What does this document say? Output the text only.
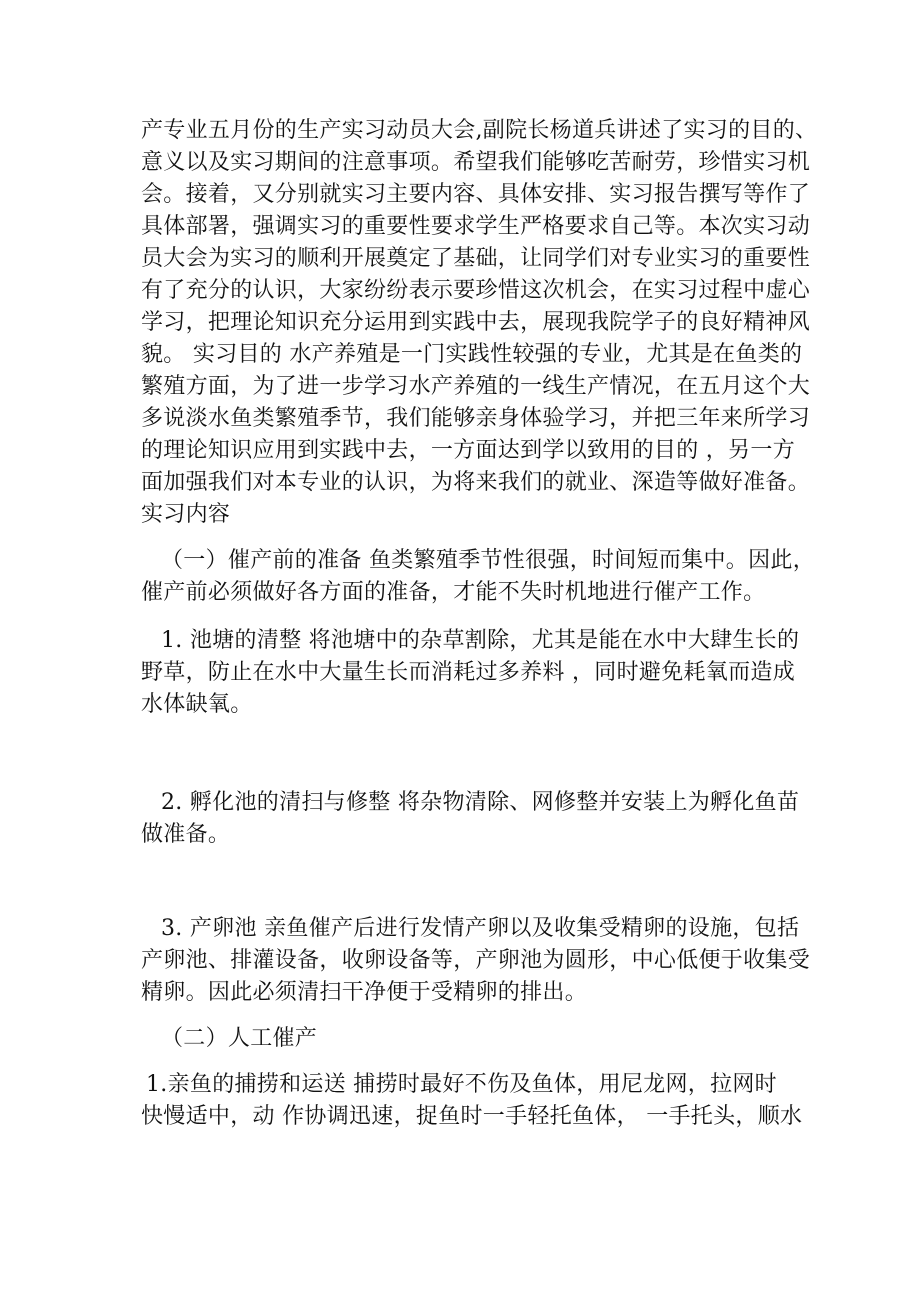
产专业五月份的生产实习动员大会,副院长杨道兵讲述了实习的目的、
意义以及实习期间的注意事项。希望我们能够吃苦耐劳，珍惜实习机
会。接着，又分别就实习主要内容、具体安排、实习报告撰写等作了
具体部署，强调实习的重要性要求学生严格要求自己等。本次实习动
员大会为实习的顺利开展奠定了基础，让同学们对专业实习的重要性
有了充分的认识，大家纷纷表示要珍惜这次机会，在实习过程中虚心
学习，把理论知识充分运用到实践中去，展现我院学子的良好精神风
貌。 实习目的 水产养殖是一门实践性较强的专业，尤其是在鱼类的
繁殖方面，为了进一步学习水产养殖的一线生产情况，在五月这个大
多说淡水鱼类繁殖季节，我们能够亲身体验学习，并把三年来所学习
的理论知识应用到实践中去，一方面达到学以致用的目的 ，另一方
面加强我们对本专业的认识，为将来我们的就业、深造等做好准备。
实习内容
（一）催产前的准备 鱼类繁殖季节性很强，时间短而集中。因此，
催产前必须做好各方面的准备，才能不失时机地进行催产工作。
1. 池塘的清整 将池塘中的杂草割除，尤其是能在水中大肆生长的
野草，防止在水中大量生长而消耗过多养料 ，同时避免耗氧而造成
水体缺氧。
2. 孵化池的清扫与修整 将杂物清除、网修整并安装上为孵化鱼苗
做准备。
3. 产卵池 亲鱼催产后进行发情产卵以及收集受精卵的设施，包括
产卵池、排灌设备，收卵设备等，产卵池为圆形，中心低便于收集受
精卵。因此必须清扫干净便于受精卵的排出。
（二）人工催产
1.亲鱼的捕捞和运送 捕捞时最好不伤及鱼体，用尼龙网，拉网时
快慢适中，动 作协调迅速，捉鱼时一手轻托鱼体， 一手托头，顺水
